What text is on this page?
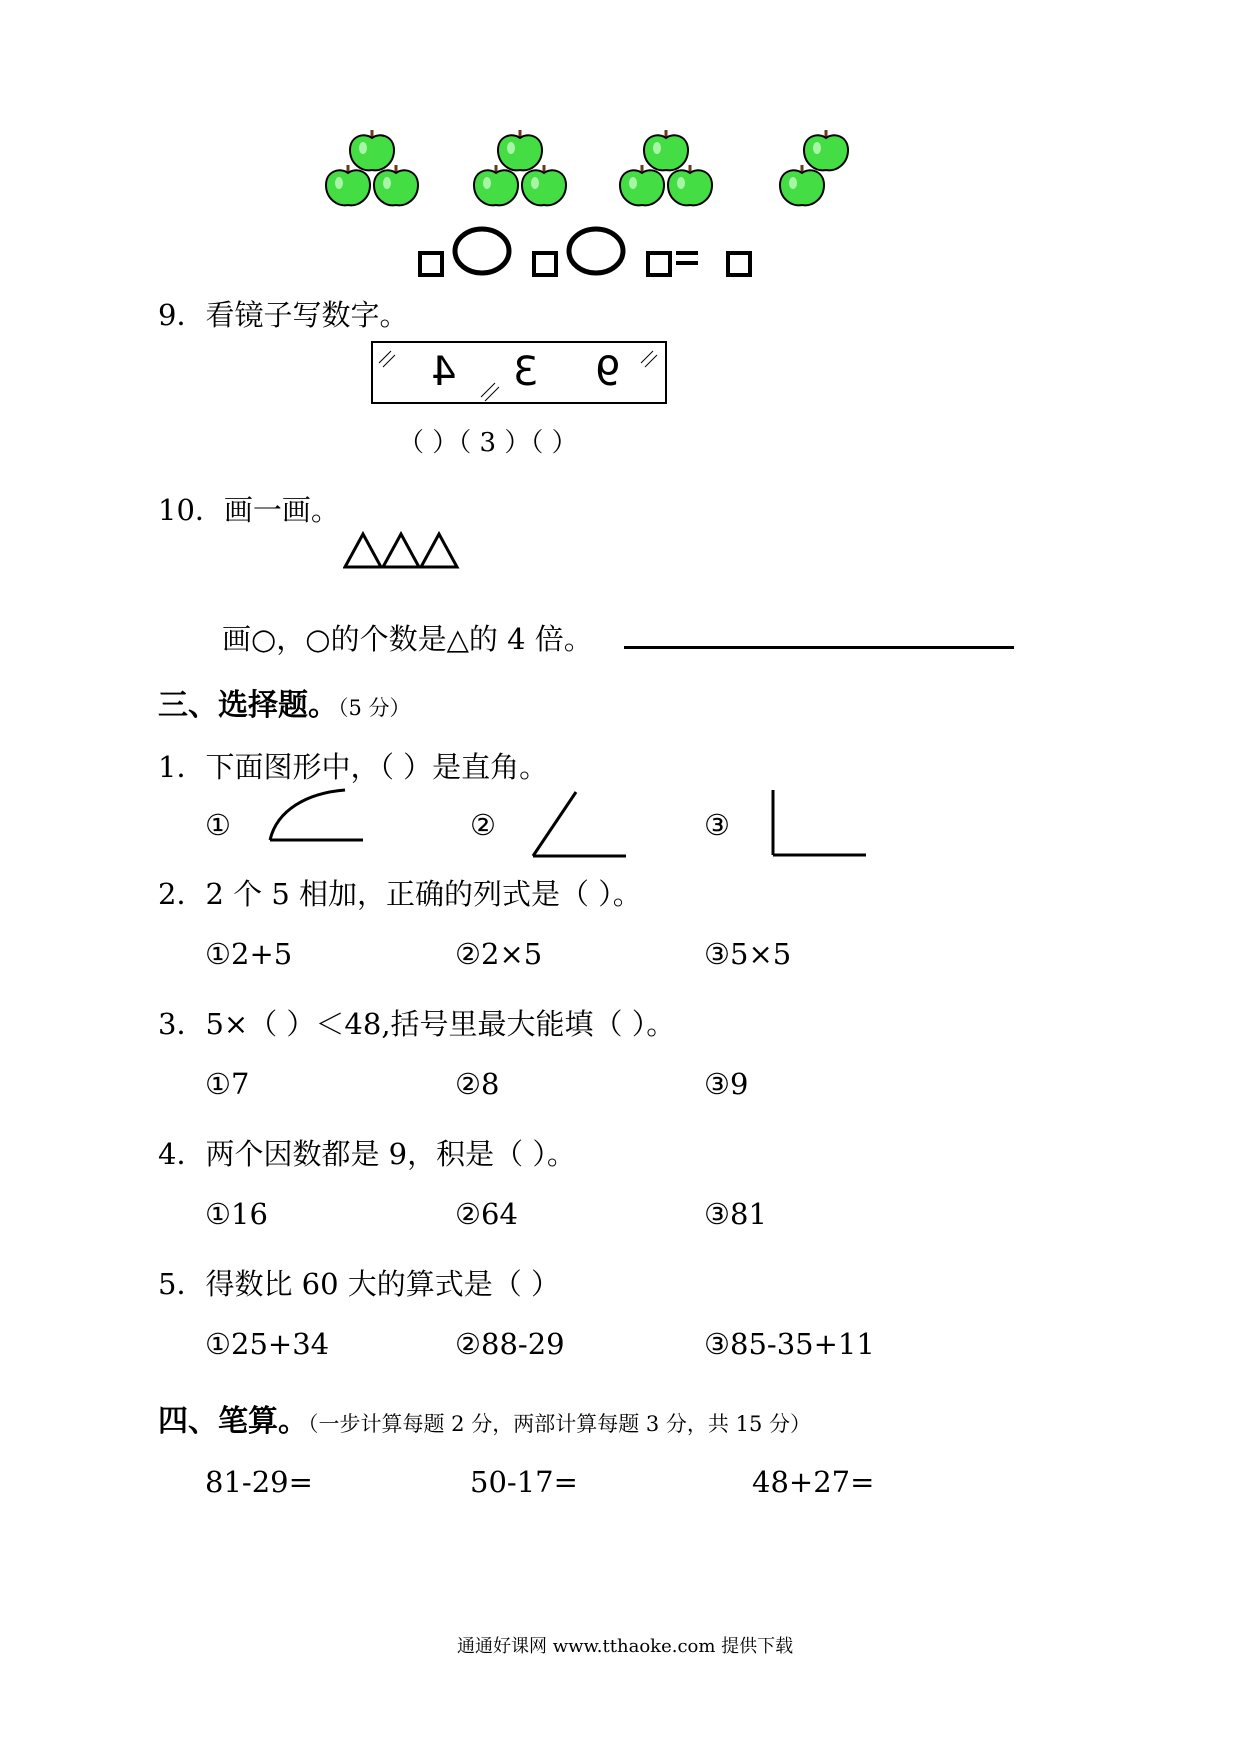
9．看镜子写数字。
4 3 9
（ ）（ 3 ）（ ）
10．画一画。
画○，○的个数是△的 4 倍。
三、选择题。（5 分）
1．下面图形中，（ ）是直角。
①	②	③
2．2 个 5 相加，正确的列式是（ ）。
①2+5	②2×5	③5×5
3．5×（ ）＜48,括号里最大能填（ ）。
①7	②8	③9
4．两个因数都是 9，积是（ ）。
①16	②64	③81
5．得数比 60 大的算式是（ ）
①25+34	②88-29	③85-35+11
四、笔算。（一步计算每题 2 分，两部计算每题 3 分，共 15 分）
81-29=	50-17=	48+27=
通通好课网 www.tthaoke.com 提供下载
